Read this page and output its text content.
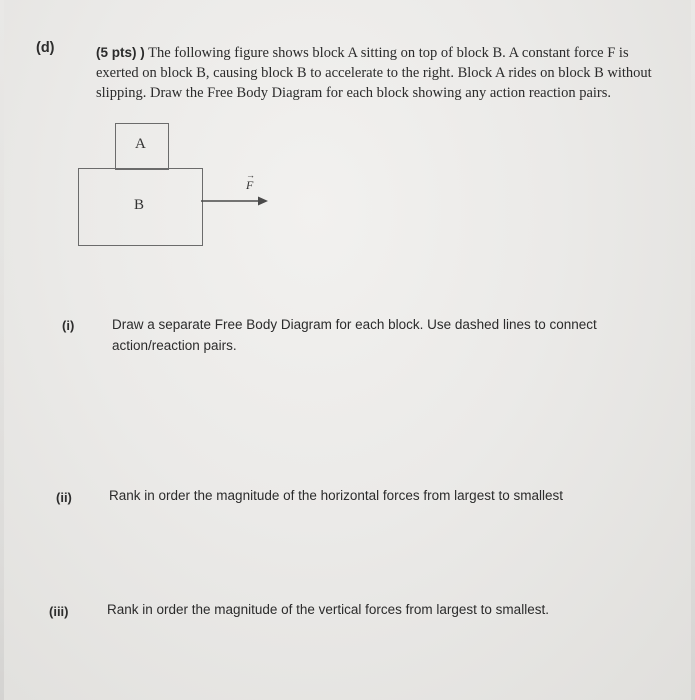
(d)	(5 pts) ) The following figure shows block A sitting on top of block B. A constant force F is exerted on block B, causing block B to accelerate to the right. Block A rides on block B without slipping. Draw the Free Body Diagram for each block showing any action reaction pairs.
A
B
F
→
(i)	Draw a separate Free Body Diagram for each block. Use dashed lines to connect action/reaction pairs.
(ii)	Rank in order the magnitude of the horizontal forces from largest to smallest
(iii)	Rank in order the magnitude of the vertical forces from largest to smallest.
